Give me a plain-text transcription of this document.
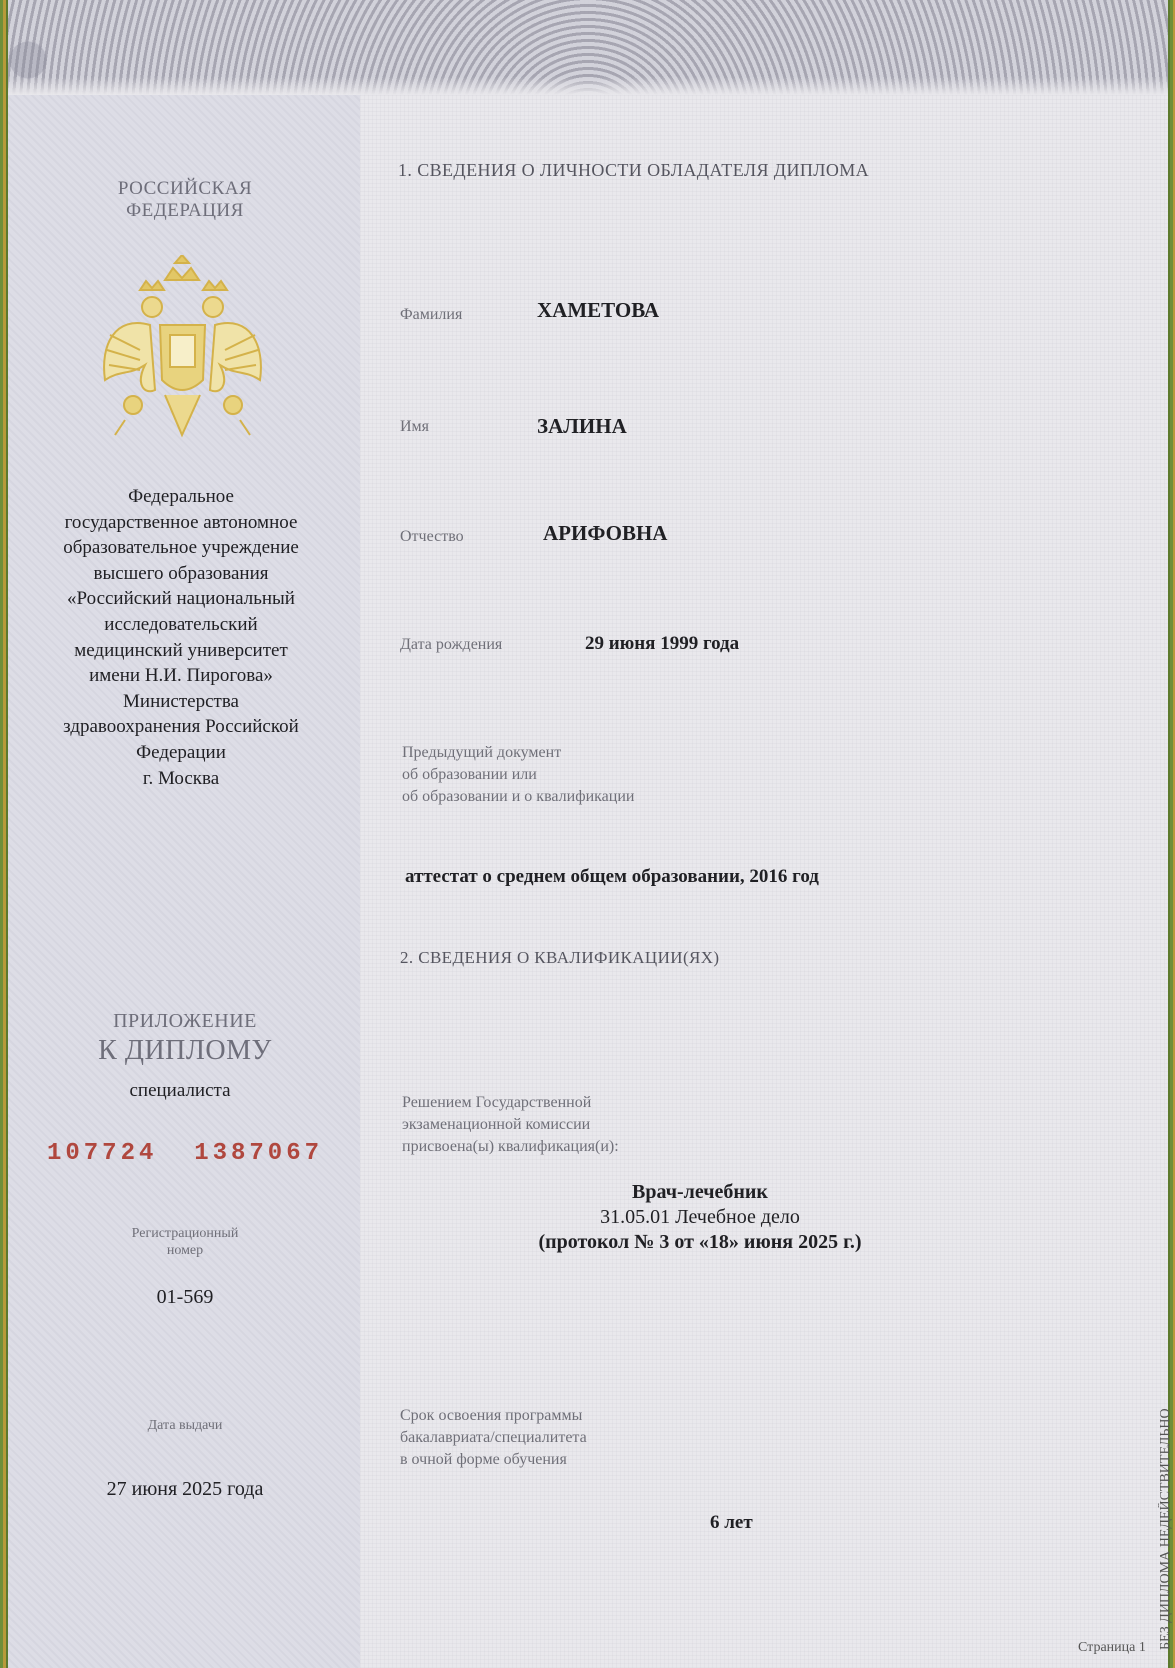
РОССИЙСКАЯ
ФЕДЕРАЦИЯ
Федеральное
государственное автономное
образовательное учреждение
высшего образования
«Российский национальный
исследовательский
медицинский университет
имени Н.И. Пирогова»
Министерства
здравоохранения Российской
Федерации
г. Москва
ПРИЛОЖЕНИЕ
К ДИПЛОМУ
специалиста
107724  1387067
Регистрационный
номер
01-569
Дата выдачи
27 июня 2025 года
1. СВЕДЕНИЯ О ЛИЧНОСТИ ОБЛАДАТЕЛЯ ДИПЛОМА
Фамилия	ХАМЕТОВА
Имя	ЗАЛИНА
Отчество	АРИФОВНА
Дата рождения	29 июня 1999 года
Предыдущий документ
об образовании или
об образовании и о квалификации
аттестат о среднем общем образовании, 2016 год
2. СВЕДЕНИЯ О КВАЛИФИКАЦИИ(ЯХ)
Решением Государственной
экзаменационной комиссии
присвоена(ы) квалификация(и):
Врач-лечебник
31.05.01 Лечебное дело
(протокол № 3 от «18» июня 2025 г.)
Срок освоения программы
бакалавриата/специалитета
в очной форме обучения
6 лет	БЕЗ ДИПЛОМА НЕДЕЙСТВИТЕЛЬНО
Страница 1
